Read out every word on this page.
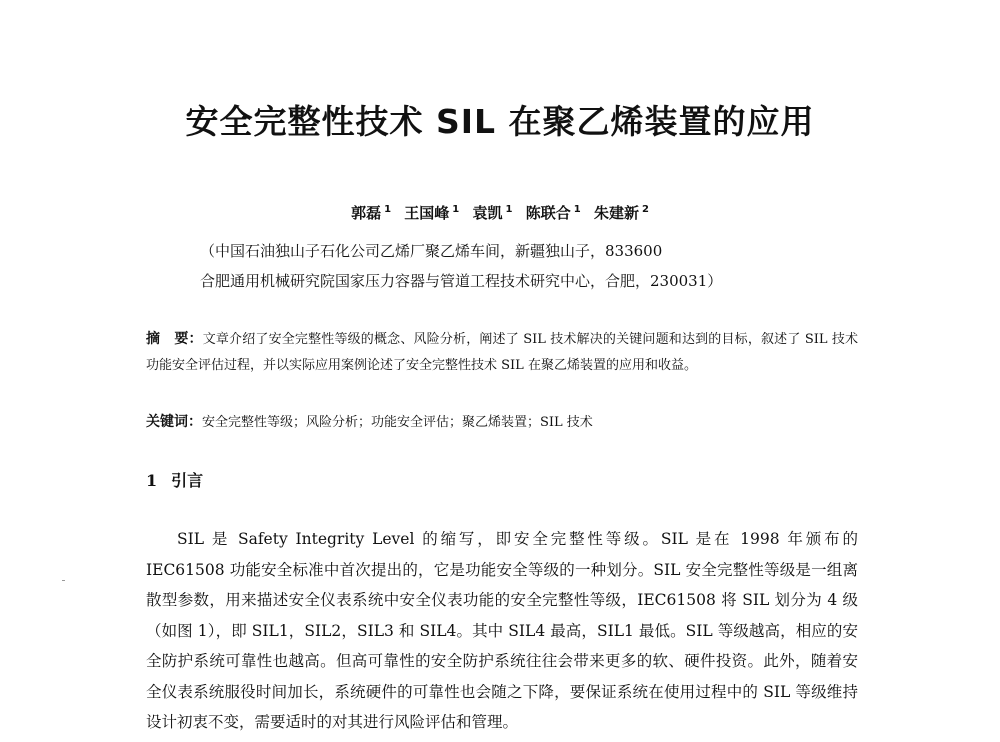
安全完整性技术 SIL 在聚乙烯装置的应用
郭磊 $^1$ 王国峰 $^1$ 袁凯 $^1$ 陈联合 $^1$ 朱建新 $^2$
（中国石油独山子石化公司乙烯厂聚乙烯车间，新疆独山子，833600
合肥通用机械研究院国家压力容器与管道工程技术研究中心，合肥，230031）

摘　要：文章介绍了安全完整性等级的概念、风险分析，阐述了 SIL 技术解决的关键问题和达到的目标，叙述了 SIL 技术功能安全评估过程，并以实际应用案例论述了安全完整性技术 SIL 在聚乙烯装置的应用和收益。

关键词：安全完整性等级；风险分析；功能安全评估；聚乙烯装置；SIL 技术

1 引言

SIL 是 Safety Integrity Level 的缩写，即安全完整性等级。SIL 是在 1998 年颁布的 IEC61508 功能安全标准中首次提出的，它是功能安全等级的一种划分。SIL 安全完整性等级是一组离散型参数，用来描述安全仪表系统中安全仪表功能的安全完整性等级，IEC61508 将 SIL 划分为 4 级（如图 1），即 SIL1，SIL2，SIL3 和 SIL4。其中 SIL4 最高，SIL1 最低。SIL 等级越高，相应的安全防护系统可靠性也越高。但高可靠性的安全防护系统往往会带来更多的软、硬件投资。此外，随着安全仪表系统服役时间加长，系统硬件的可靠性也会随之下降，要保证系统在使用过程中的 SIL 等级维持设计初衷不变，需要适时的对其进行风险评估和管理。
